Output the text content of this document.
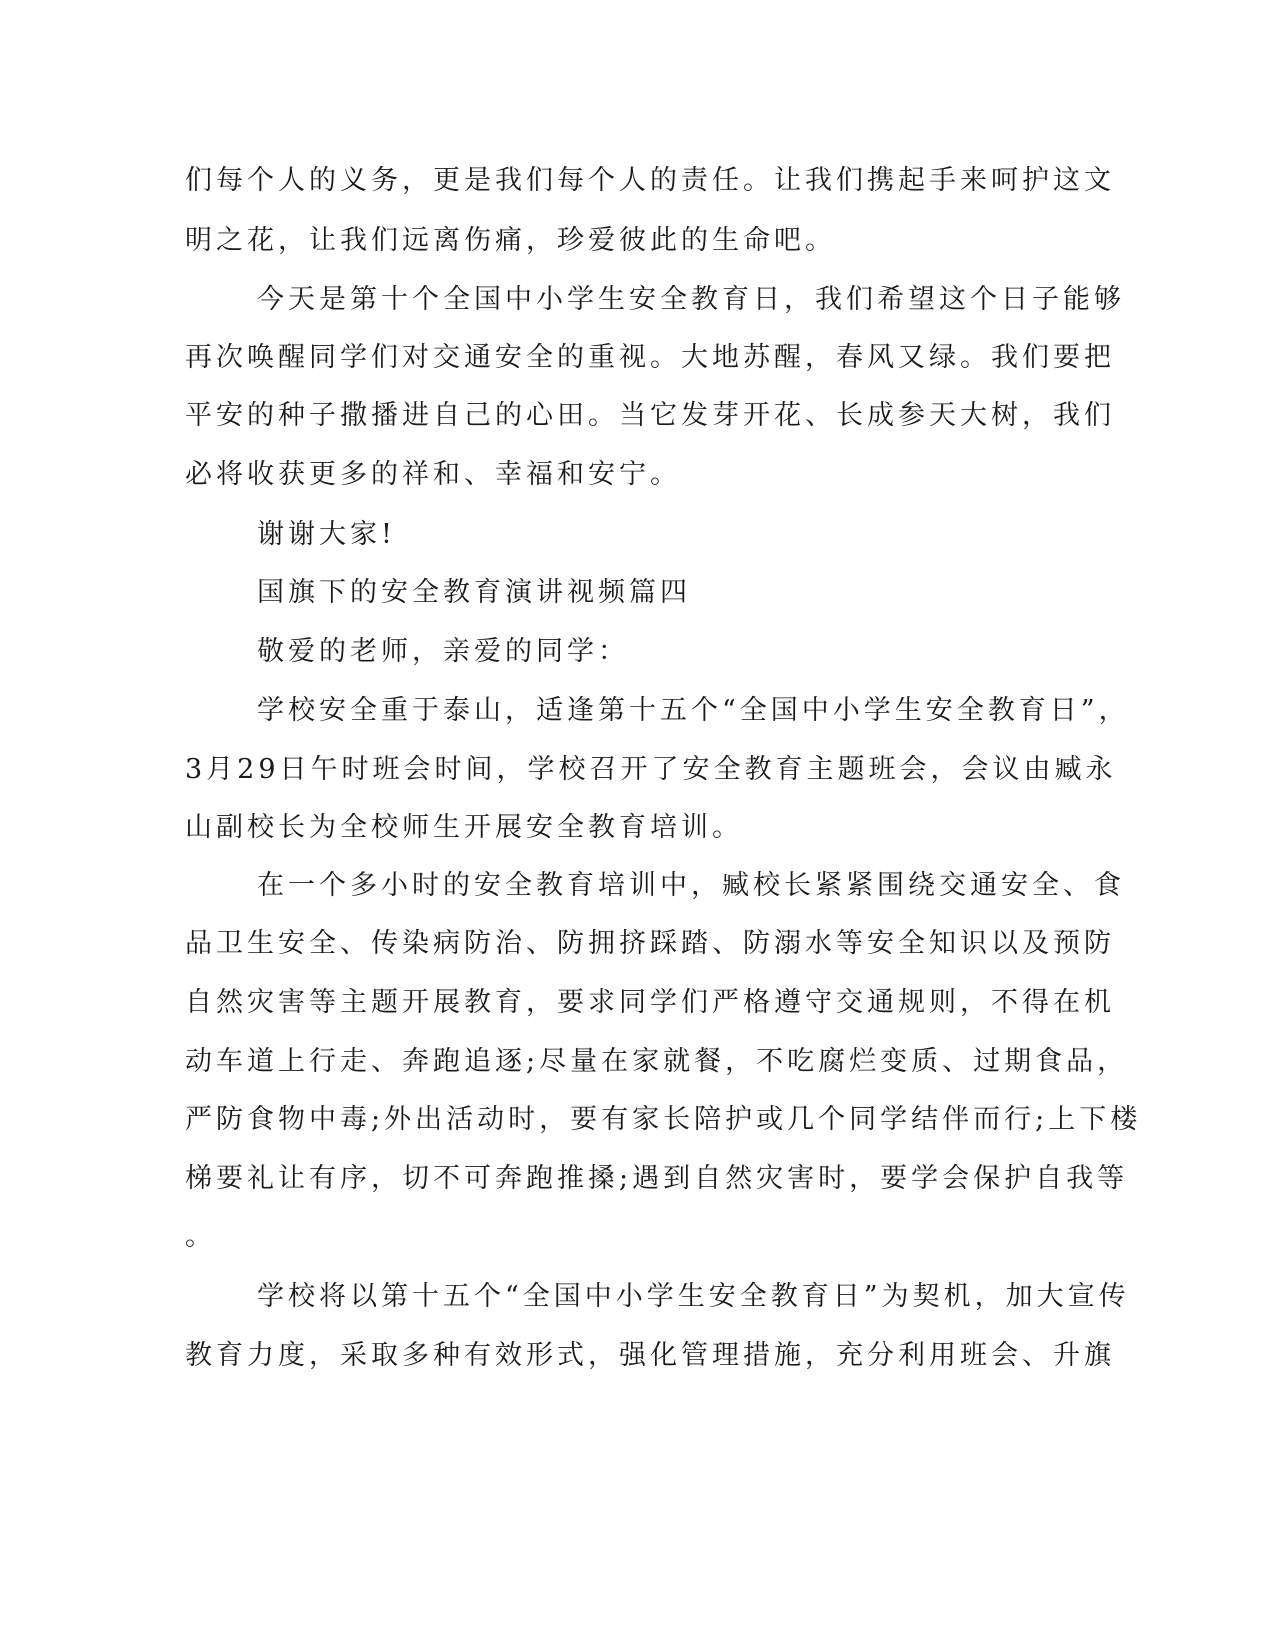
们每个人的义务，更是我们每个人的责任。让我们携起手来呵护这文
明之花，让我们远离伤痛，珍爱彼此的生命吧。
今天是第十个全国中小学生安全教育日，我们希望这个日子能够
再次唤醒同学们对交通安全的重视。大地苏醒，春风又绿。我们要把
平安的种子撒播进自己的心田。当它发芽开花、长成参天大树，我们
必将收获更多的祥和、幸福和安宁。
谢谢大家!
国旗下的安全教育演讲视频篇四
敬爱的老师，亲爱的同学：
学校安全重于泰山，适逢第十五个“全国中小学生安全教育日”，
3月29日午时班会时间，学校召开了安全教育主题班会，会议由臧永
山副校长为全校师生开展安全教育培训。
在一个多小时的安全教育培训中，臧校长紧紧围绕交通安全、食
品卫生安全、传染病防治、防拥挤踩踏、防溺水等安全知识以及预防
自然灾害等主题开展教育，要求同学们严格遵守交通规则，不得在机
动车道上行走、奔跑追逐;尽量在家就餐，不吃腐烂变质、过期食品，
严防食物中毒;外出活动时，要有家长陪护或几个同学结伴而行;上下楼
梯要礼让有序，切不可奔跑推搡;遇到自然灾害时，要学会保护自我等
。
学校将以第十五个“全国中小学生安全教育日”为契机，加大宣传
教育力度，采取多种有效形式，强化管理措施，充分利用班会、升旗
